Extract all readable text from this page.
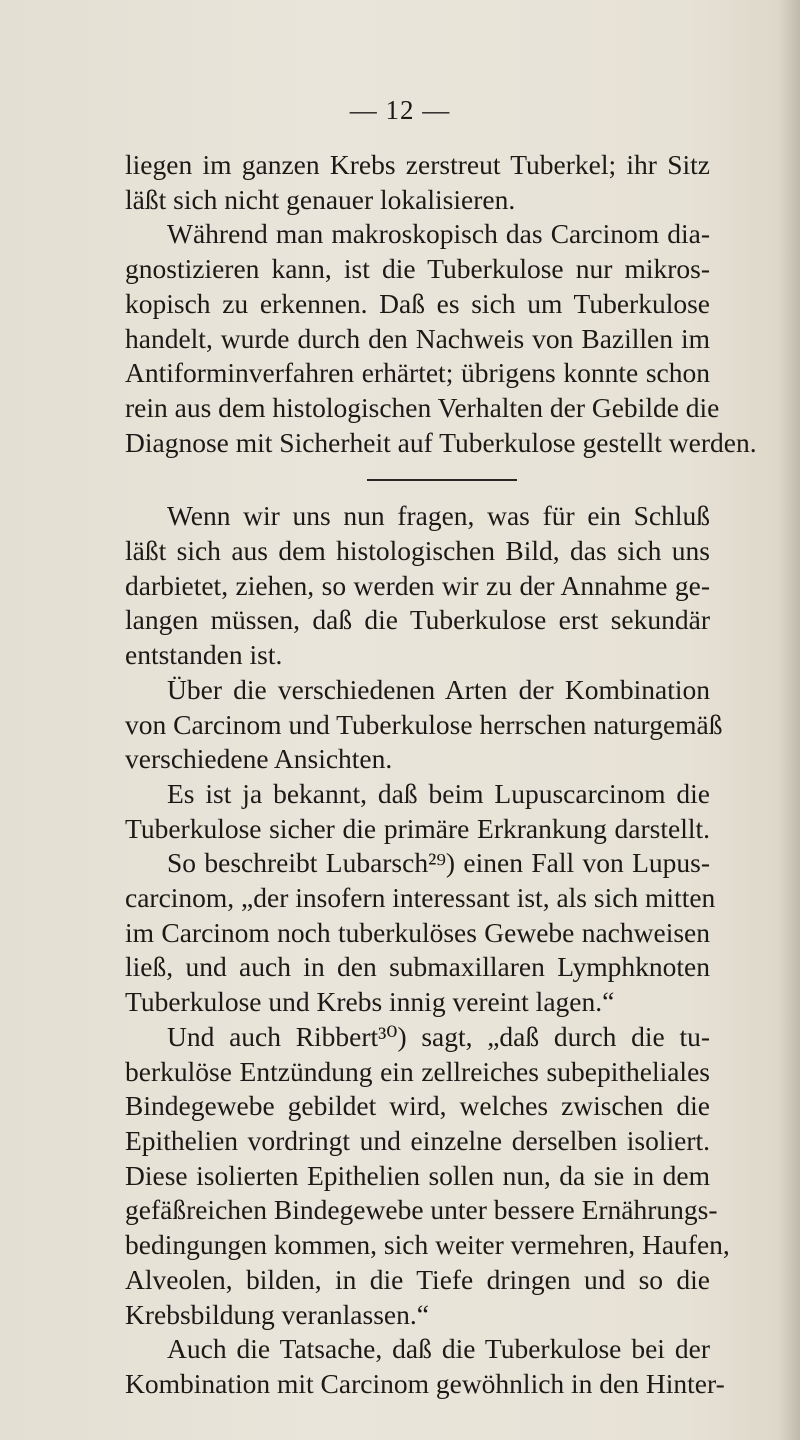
— 12 —
liegen im ganzen Krebs zerstreut Tuberkel; ihr Sitz
läßt sich nicht genauer lokalisieren.
Während man makroskopisch das Carcinom dia-
gnostizieren kann, ist die Tuberkulose nur mikros-
kopisch zu erkennen. Daß es sich um Tuberkulose
handelt, wurde durch den Nachweis von Bazillen im
Antiforminverfahren erhärtet; übrigens konnte schon
rein aus dem histologischen Verhalten der Gebilde die
Diagnose mit Sicherheit auf Tuberkulose gestellt werden.
Wenn wir uns nun fragen, was für ein Schluß
läßt sich aus dem histologischen Bild, das sich uns
darbietet, ziehen, so werden wir zu der Annahme ge-
langen müssen, daß die Tuberkulose erst sekundär
entstanden ist.
Über die verschiedenen Arten der Kombination
von Carcinom und Tuberkulose herrschen naturgemäß
verschiedene Ansichten.
Es ist ja bekannt, daß beim Lupuscarcinom die
Tuberkulose sicher die primäre Erkrankung darstellt.
So beschreibt Lubarsch²⁹) einen Fall von Lupus-
carcinom, „der insofern interessant ist, als sich mitten
im Carcinom noch tuberkulöses Gewebe nachweisen
ließ, und auch in den submaxillaren Lymphknoten
Tuberkulose und Krebs innig vereint lagen.“
Und auch Ribbert³⁰) sagt, „daß durch die tu-
berkulöse Entzündung ein zellreiches subepitheliales
Bindegewebe gebildet wird, welches zwischen die
Epithelien vordringt und einzelne derselben isoliert.
Diese isolierten Epithelien sollen nun, da sie in dem
gefäßreichen Bindegewebe unter bessere Ernährungs-
bedingungen kommen, sich weiter vermehren, Haufen,
Alveolen, bilden, in die Tiefe dringen und so die
Krebsbildung veranlassen.“
Auch die Tatsache, daß die Tuberkulose bei der
Kombination mit Carcinom gewöhnlich in den Hinter-
